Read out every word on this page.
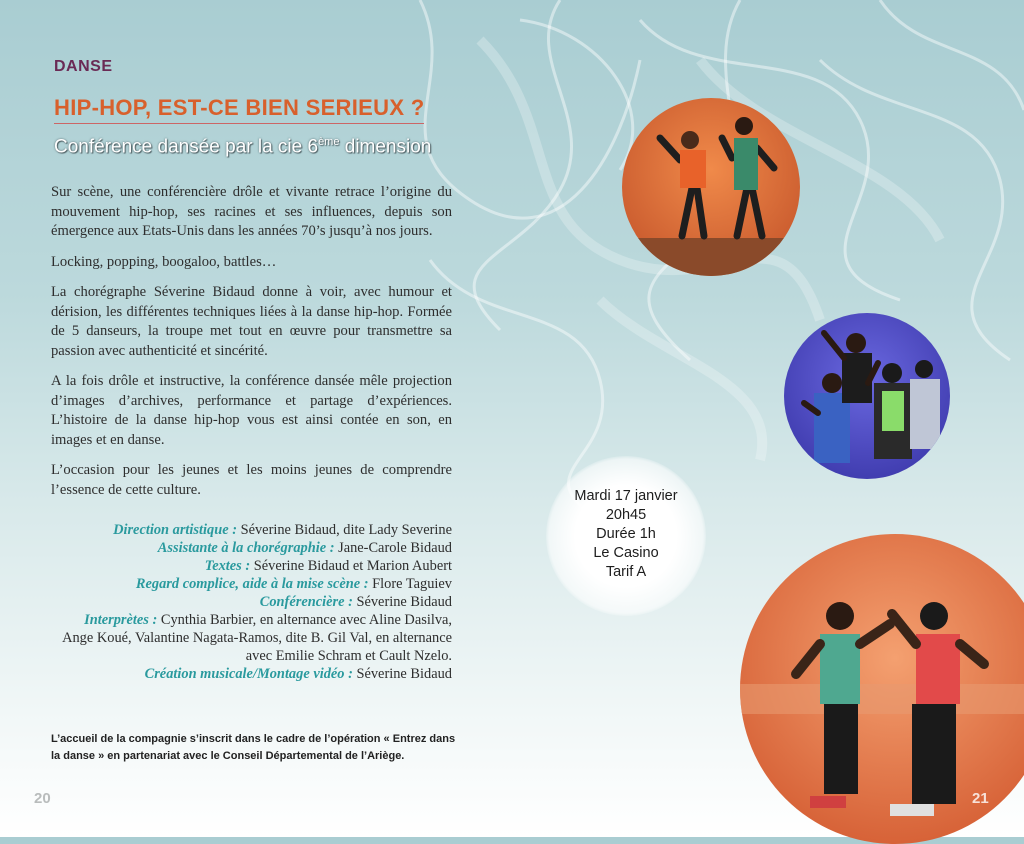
DANSE
HIP-HOP, EST-CE BIEN SERIEUX ?
Conférence dansée par la cie 6ème dimension

Sur scène, une conférencière drôle et vivante retrace l’origine du mouvement hip-hop, ses racines et ses influences, depuis son émergence aux Etats-Unis dans les années 70’s jusqu’à nos jours.

Locking, popping, boogaloo, battles…

La chorégraphe Séverine Bidaud donne à voir, avec humour et dérision, les différentes techniques liées à la danse hip-hop. Formée de 5 danseurs, la troupe met tout en œuvre pour transmettre sa passion avec authenticité et sincérité.

A la fois drôle et instructive, la conférence dansée mêle projection d’images d’archives, performance et partage d’expériences. L’histoire de la danse hip-hop vous est ainsi contée en son, en images et en danse.

L’occasion pour les jeunes et les moins jeunes de comprendre l’essence de cette culture.

Direction artistique : Séverine Bidaud, dite Lady Severine
Assistante à la chorégraphie : Jane-Carole Bidaud
Textes : Séverine Bidaud et Marion Aubert
Regard complice, aide à la mise scène : Flore Taguiev
Conférencière : Séverine Bidaud
Interprètes : Cynthia Barbier, en alternance avec Aline Dasilva, Ange Koué, Valantine Nagata-Ramos, dite B. Gil Val, en alternance avec Emilie Schram et Cault Nzelo.
Création musicale/Montage vidéo : Séverine Bidaud
L’accueil de la compagnie s’inscrit dans le cadre de l’opération « Entrez dans la danse » en partenariat avec le Conseil Départemental de l’Ariège.
20
Mardi 17 janvier
20h45
Durée 1h
Le Casino
Tarif A
21
